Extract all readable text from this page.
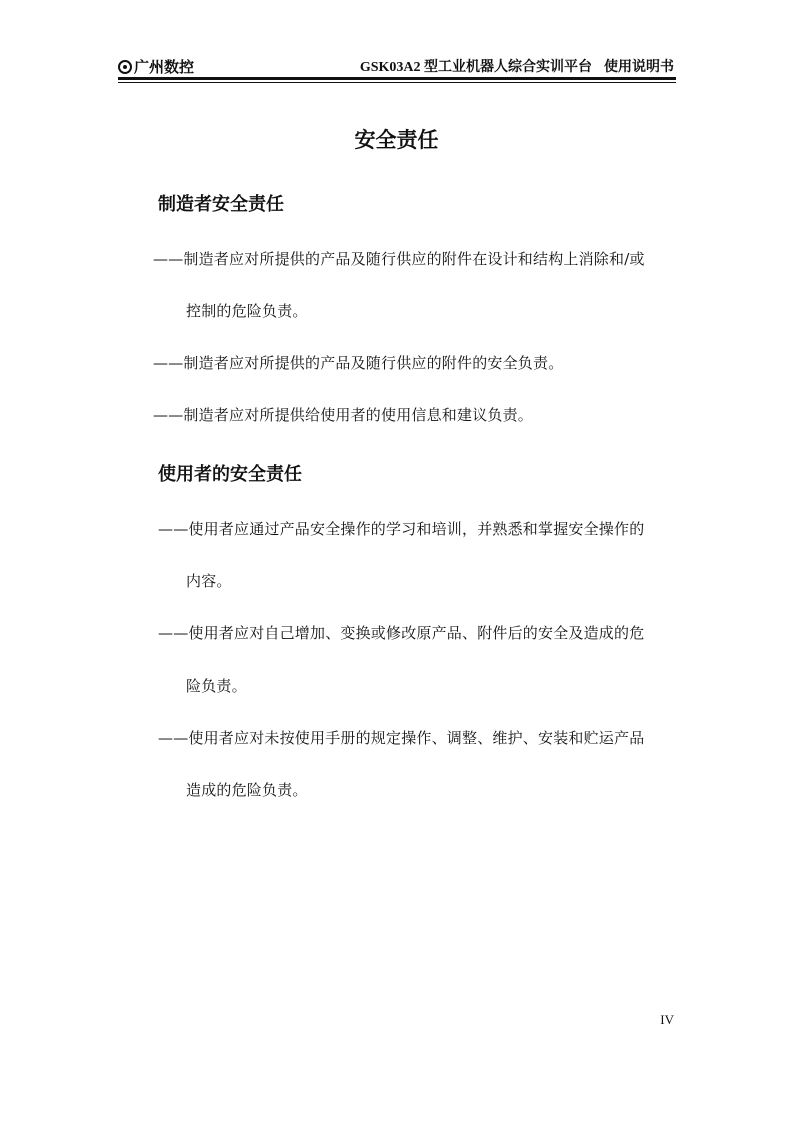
广州数控	GSK03A2 型工业机器人综合实训平台 使用说明书
安全责任
制造者安全责任
——制造者应对所提供的产品及随行供应的附件在设计和结构上消除和/或
控制的危险负责。
——制造者应对所提供的产品及随行供应的附件的安全负责。
——制造者应对所提供给使用者的使用信息和建议负责。
使用者的安全责任
——使用者应通过产品安全操作的学习和培训，并熟悉和掌握安全操作的
内容。
——使用者应对自己增加、变换或修改原产品、附件后的安全及造成的危
险负责。
——使用者应对未按使用手册的规定操作、调整、维护、安装和贮运产品
造成的危险负责。
IV
